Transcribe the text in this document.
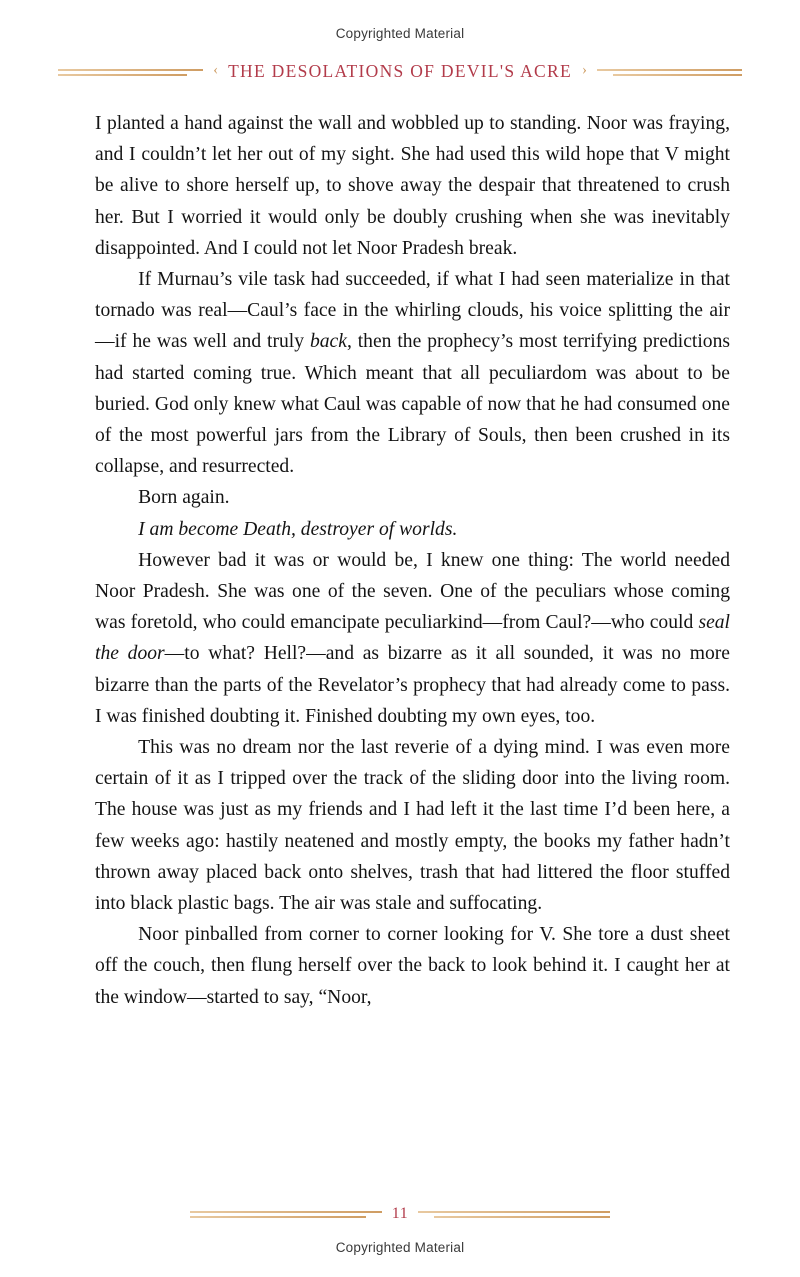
Copyrighted Material
‹ THE DESOLATIONS OF DEVIL'S ACRE ›

I planted a hand against the wall and wobbled up to standing. Noor was fraying, and I couldn’t let her out of my sight. She had used this wild hope that V might be alive to shore herself up, to shove away the despair that threatened to crush her. But I worried it would only be doubly crushing when she was inevitably disappointed. And I could not let Noor Pradesh break.

If Murnau’s vile task had succeeded, if what I had seen materialize in that tornado was real—Caul’s face in the whirling clouds, his voice splitting the air—if he was well and truly back, then the prophecy’s most terrifying predictions had started coming true. Which meant that all peculiardom was about to be buried. God only knew what Caul was capable of now that he had consumed one of the most powerful jars from the Library of Souls, then been crushed in its collapse, and resurrected.

Born again.

I am become Death, destroyer of worlds.

However bad it was or would be, I knew one thing: The world needed Noor Pradesh. She was one of the seven. One of the peculiars whose coming was foretold, who could emancipate peculiarkind—from Caul?—who could seal the door—to what? Hell?—and as bizarre as it all sounded, it was no more bizarre than the parts of the Revelator’s prophecy that had already come to pass. I was finished doubting it. Finished doubting my own eyes, too.

This was no dream nor the last reverie of a dying mind. I was even more certain of it as I tripped over the track of the sliding door into the living room. The house was just as my friends and I had left it the last time I’d been here, a few weeks ago: hastily neatened and mostly empty, the books my father hadn’t thrown away placed back onto shelves, trash that had littered the floor stuffed into black plastic bags. The air was stale and suffocating.

Noor pinballed from corner to corner looking for V. She tore a dust sheet off the couch, then flung herself over the back to look behind it. I caught her at the window—started to say, “Noor,

11
Copyrighted Material
